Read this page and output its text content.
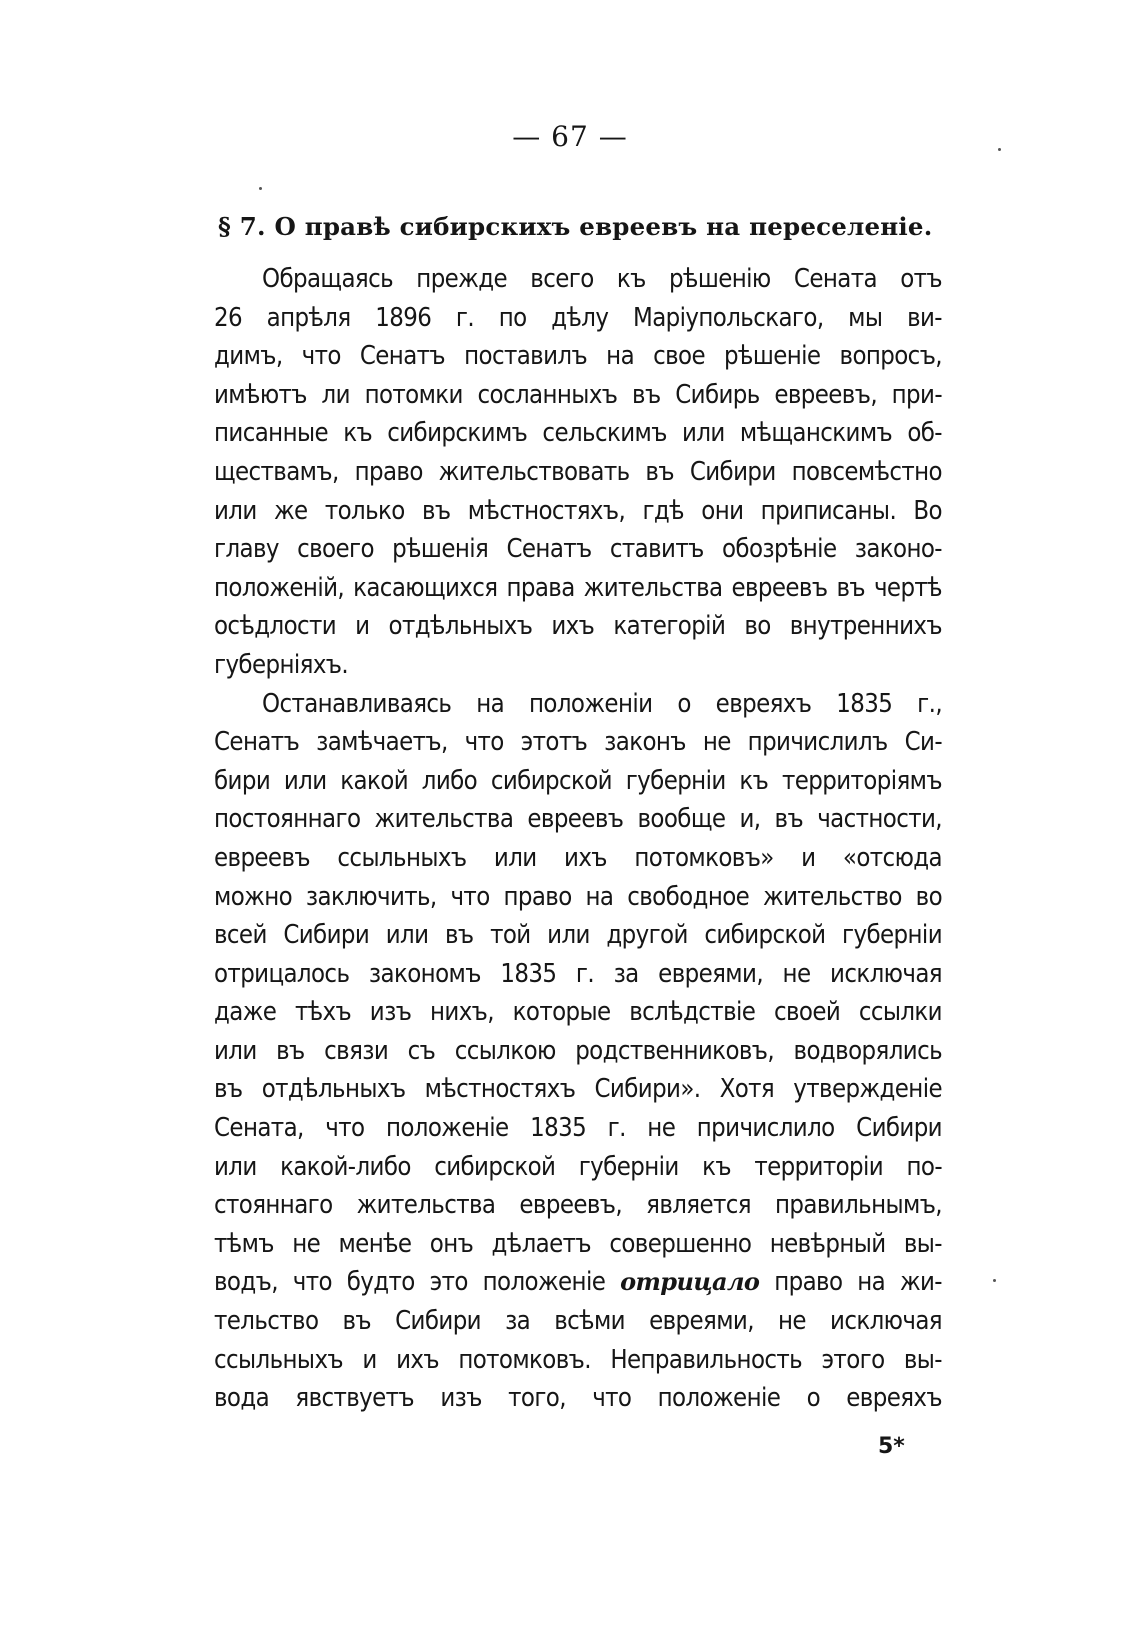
— 67 —
§ 7. О правѣ сибирскихъ евреевъ на переселеніе.
Обращаясь прежде всего къ рѣшенію Сената отъ
26 апрѣля 1896 г. по дѣлу Маріупольскаго, мы ви-
димъ, что Сенатъ поставилъ на свое рѣшеніе вопросъ,
имѣютъ ли потомки сосланныхъ въ Сибирь евреевъ, при-
писанные къ сибирскимъ сельскимъ или мѣщанскимъ об-
ществамъ, право жительствовать въ Сибири повсемѣстно
или же только въ мѣстностяхъ, гдѣ они приписаны. Во
главу своего рѣшенія Сенатъ ставитъ обозрѣніе законо-
положеній, касающихся права жительства евреевъ въ чертѣ
осѣдлости и отдѣльныхъ ихъ категорій во внутреннихъ
губерніяхъ.
Останавливаясь на положеніи о евреяхъ 1835 г.,
Сенатъ замѣчаетъ, что этотъ законъ не причислилъ Си-
бири или какой либо сибирской губерніи къ территоріямъ
постояннаго жительства евреевъ вообще и, въ частности,
евреевъ ссыльныхъ или ихъ потомковъ» и «отсюда
можно заключить, что право на свободное жительство во
всей Сибири или въ той или другой сибирской губерніи
отрицалось закономъ 1835 г. за евреями, не исключая
даже тѣхъ изъ нихъ, которые вслѣдствіе своей ссылки
или въ связи съ ссылкою родственниковъ, водворялись
въ отдѣльныхъ мѣстностяхъ Сибири». Хотя утвержденіе
Сената, что положеніе 1835 г. не причислило Сибири
или какой-либо сибирской губерніи къ территоріи по-
стояннаго жительства евреевъ, является правильнымъ,
тѣмъ не менѣе онъ дѣлаетъ совершенно невѣрный вы-
водъ, что будто это положеніе отрицало право на жи-
тельство въ Сибири за всѣми евреями, не исключая
ссыльныхъ и ихъ потомковъ. Неправильность этого вы-
вода явствуетъ изъ того, что положеніе о евреяхъ
5*
